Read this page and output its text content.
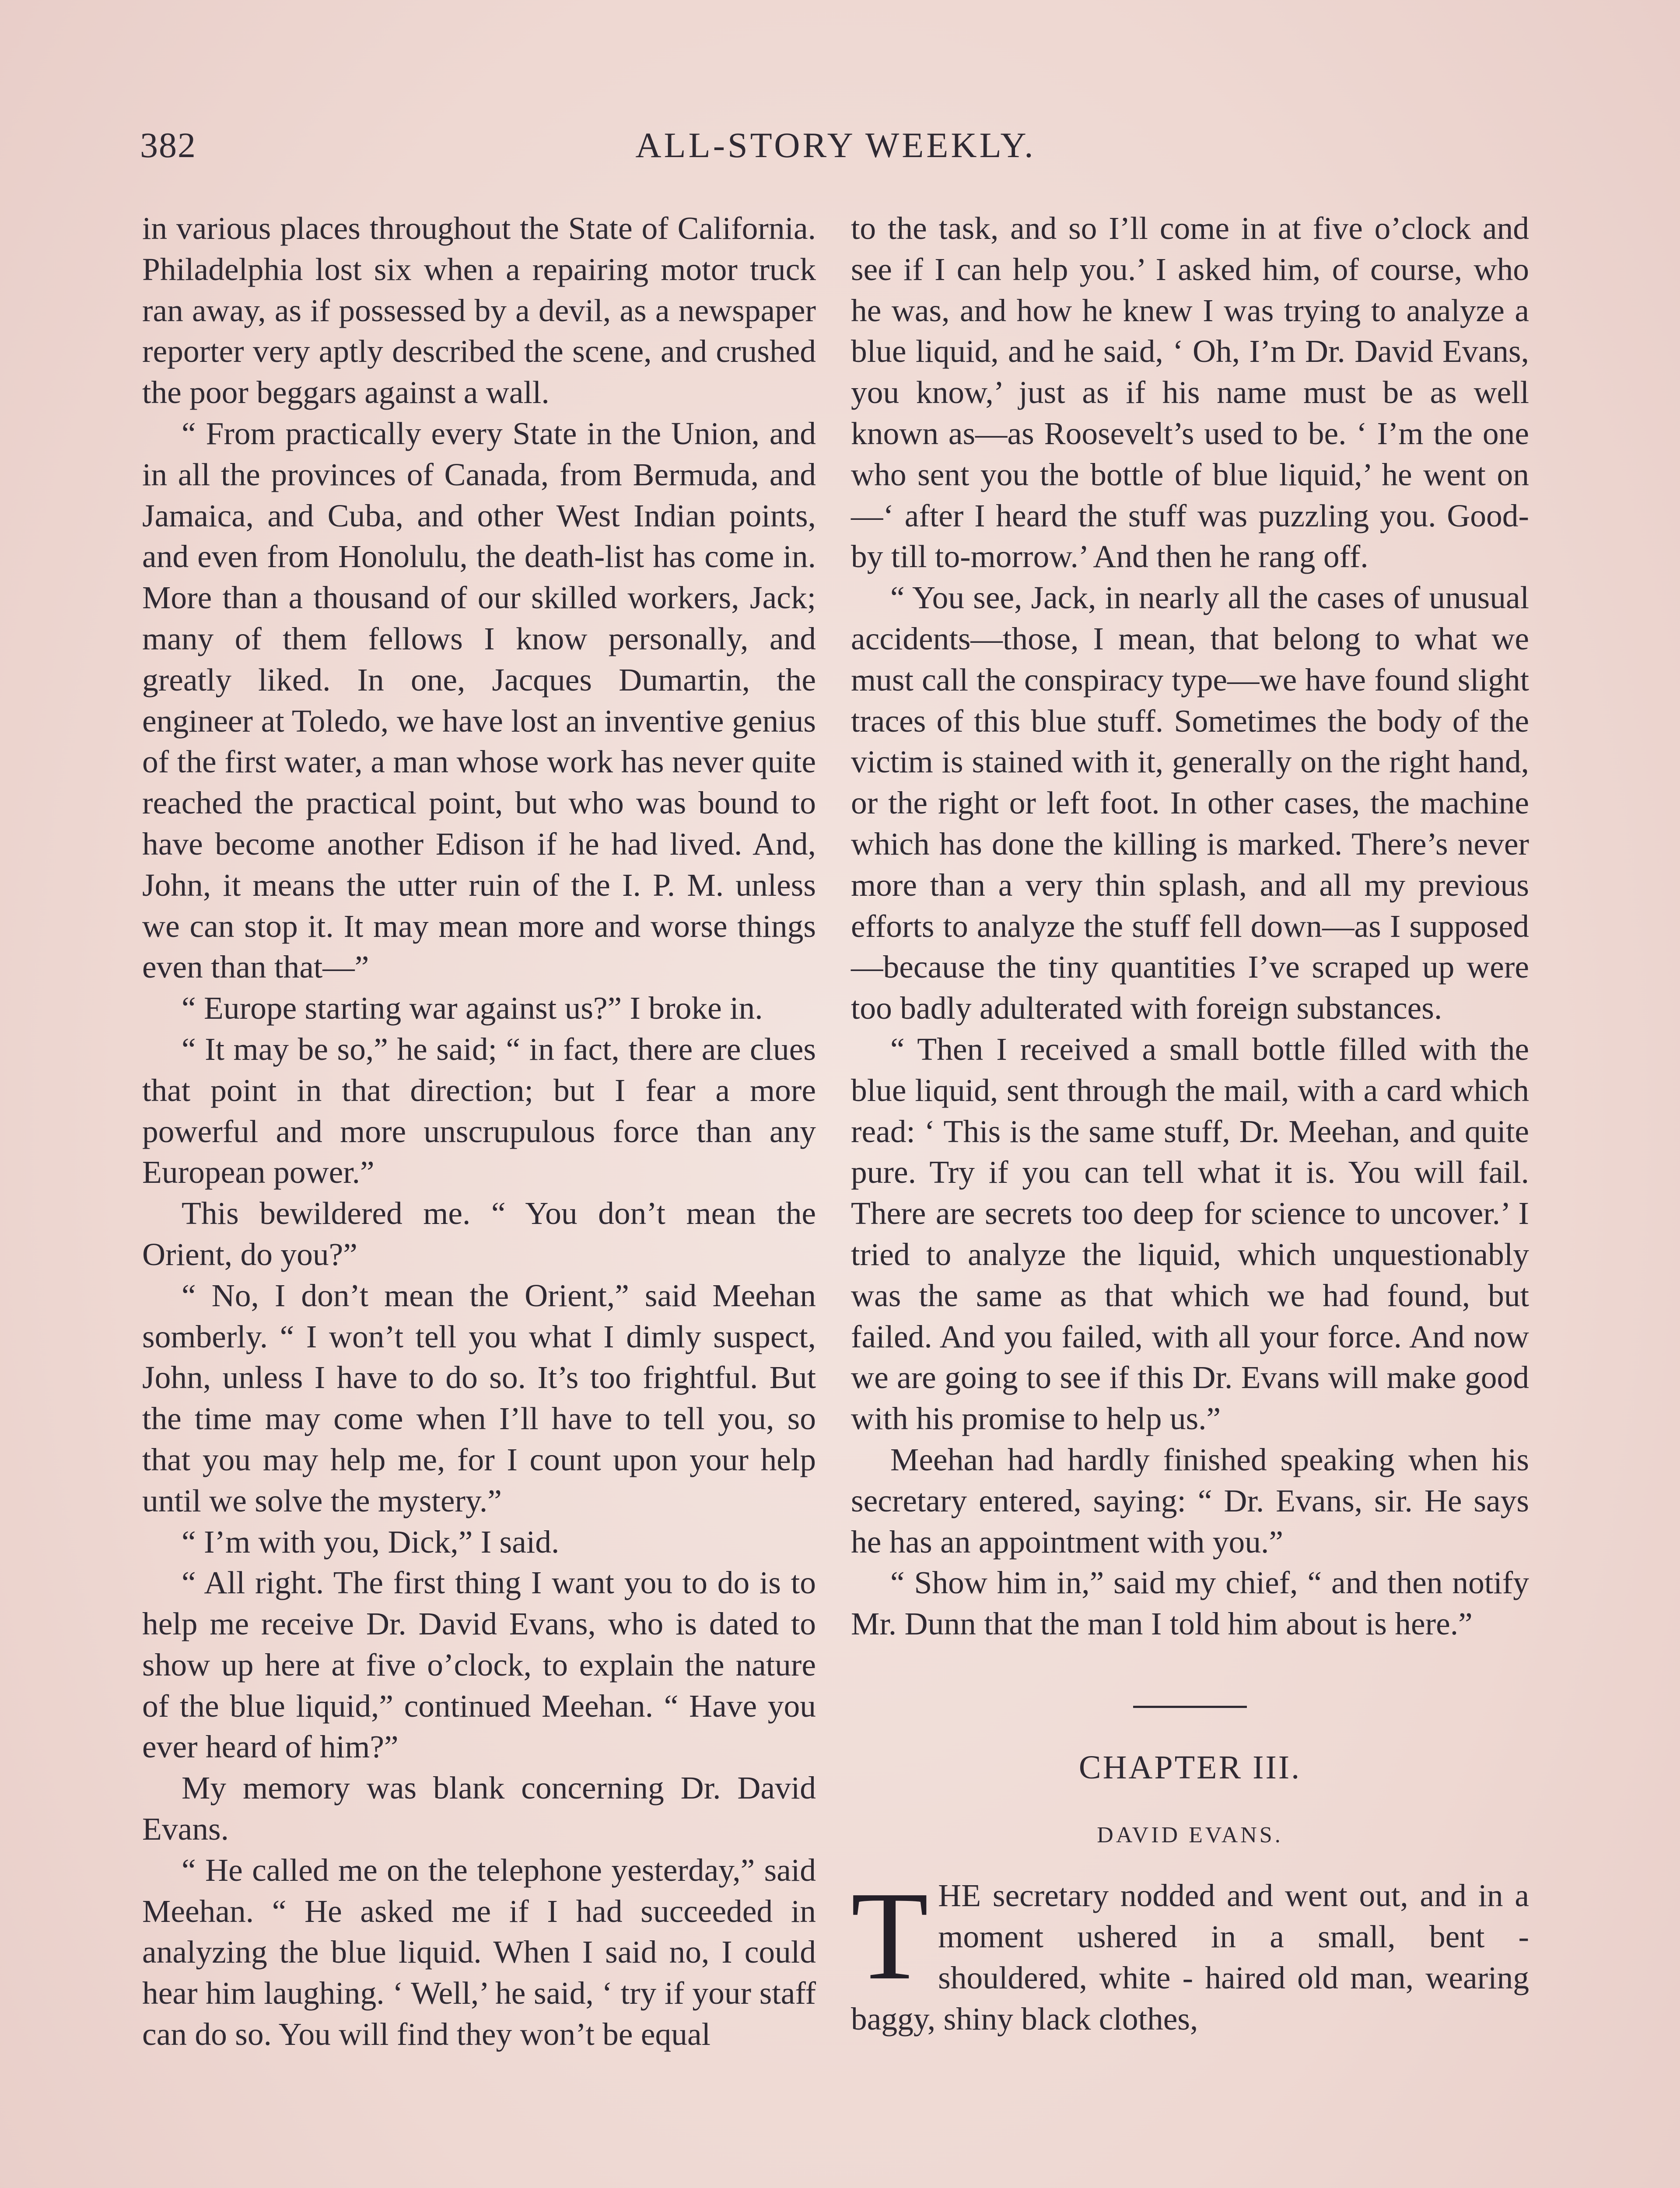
382	ALL-STORY WEEKLY.

in various places throughout the State of California. Philadelphia lost six when a repairing motor truck ran away, as if possessed by a devil, as a newspaper reporter very aptly described the scene, and crushed the poor beggars against a wall.

“ From practically every State in the Union, and in all the provinces of Canada, from Bermuda, and Jamaica, and Cuba, and other West Indian points, and even from Honolulu, the death-list has come in. More than a thousand of our skilled workers, Jack; many of them fellows I know personally, and greatly liked. In one, Jacques Dumartin, the engineer at Toledo, we have lost an inventive genius of the first water, a man whose work has never quite reached the practical point, but who was bound to have become another Edison if he had lived. And, John, it means the utter ruin of the I. P. M. unless we can stop it. It may mean more and worse things even than that—”

“ Europe starting war against us?” I broke in.

“ It may be so,” he said; “ in fact, there are clues that point in that direction; but I fear a more powerful and more unscrupulous force than any European power.”

This bewildered me. “ You don’t mean the Orient, do you?”

“ No, I don’t mean the Orient,” said Meehan somberly. “ I won’t tell you what I dimly suspect, John, unless I have to do so. It’s too frightful. But the time may come when I’ll have to tell you, so that you may help me, for I count upon your help until we solve the mystery.”

“ I’m with you, Dick,” I said.

“ All right. The first thing I want you to do is to help me receive Dr. David Evans, who is dated to show up here at five o’clock, to explain the nature of the blue liquid,” continued Meehan. “ Have you ever heard of him?”

My memory was blank concerning Dr. David Evans.

“ He called me on the telephone yesterday,” said Meehan. “ He asked me if I had succeeded in analyzing the blue liquid. When I said no, I could hear him laughing. ‘ Well,’ he said, ‘ try if your staff can do so. You will find they won’t be equal

to the task, and so I’ll come in at five o’clock and see if I can help you.’ I asked him, of course, who he was, and how he knew I was trying to analyze a blue liquid, and he said, ‘ Oh, I’m Dr. David Evans, you know,’ just as if his name must be as well known as—as Roosevelt’s used to be. ‘ I’m the one who sent you the bottle of blue liquid,’ he went on—‘ after I heard the stuff was puzzling you. Good-by till to-morrow.’ And then he rang off.

“ You see, Jack, in nearly all the cases of unusual accidents—those, I mean, that belong to what we must call the conspiracy type—we have found slight traces of this blue stuff. Sometimes the body of the victim is stained with it, generally on the right hand, or the right or left foot. In other cases, the machine which has done the killing is marked. There’s never more than a very thin splash, and all my previous efforts to analyze the stuff fell down—as I supposed—because the tiny quantities I’ve scraped up were too badly adulterated with foreign substances.

“ Then I received a small bottle filled with the blue liquid, sent through the mail, with a card which read: ‘ This is the same stuff, Dr. Meehan, and quite pure. Try if you can tell what it is. You will fail. There are secrets too deep for science to uncover.’ I tried to analyze the liquid, which unquestionably was the same as that which we had found, but failed. And you failed, with all your force. And now we are going to see if this Dr. Evans will make good with his promise to help us.”

Meehan had hardly finished speaking when his secretary entered, saying: “ Dr. Evans, sir. He says he has an appointment with you.”

“ Show him in,” said my chief, “ and then notify Mr. Dunn that the man I told him about is here.”

CHAPTER III.
DAVID EVANS.

THE secretary nodded and went out, and in a moment ushered in a small, bent - shouldered, white - haired old man, wearing baggy, shiny black clothes,
